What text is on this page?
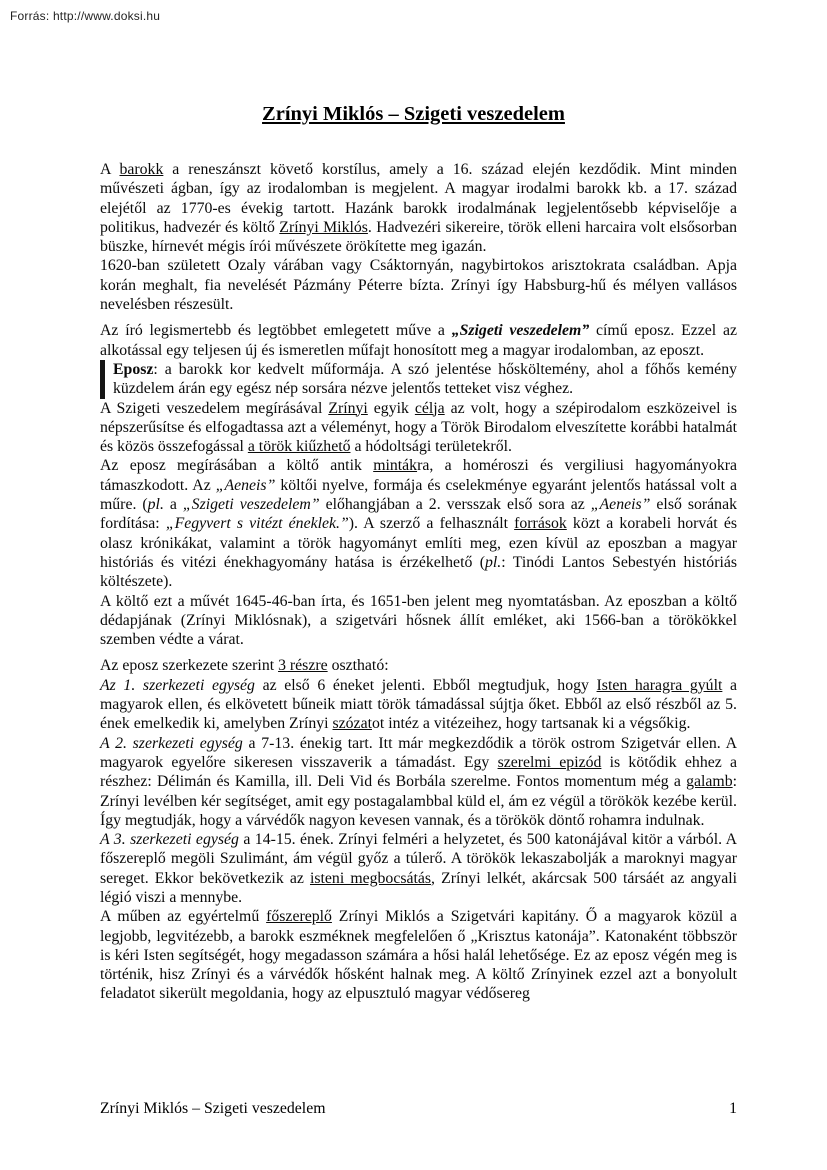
Forrás: http://www.doksi.hu
Zrínyi Miklós – Szigeti veszedelem

A barokk a reneszánszt követő korstílus, amely a 16. század elején kezdődik. Mint minden művészeti ágban, így az irodalomban is megjelent. A magyar irodalmi barokk kb. a 17. század elejétől az 1770-es évekig tartott. Hazánk barokk irodalmának legjelentősebb képviselője a politikus, hadvezér és költő Zrínyi Miklós. Hadvezéri sikereire, török elleni harcaira volt elsősorban büszke, hírnevét mégis írói művészete örökítette meg igazán.

1620-ban született Ozaly várában vagy Csáktornyán, nagybirtokos arisztokrata családban. Apja korán meghalt, fia nevelését Pázmány Péterre bízta. Zrínyi így Habsburg-hű és mélyen vallásos nevelésben részesült.

Az író legismertebb és legtöbbet emlegetett műve a „Szigeti veszedelem” című eposz. Ezzel az alkotással egy teljesen új és ismeretlen műfajt honosított meg a magyar irodalomban, az eposzt.

Eposz: a barokk kor kedvelt műformája. A szó jelentése hősköltemény, ahol a főhős kemény küzdelem árán egy egész nép sorsára nézve jelentős tetteket visz véghez.

A Szigeti veszedelem megírásával Zrínyi egyik célja az volt, hogy a szépirodalom eszközeivel is népszerűsítse és elfogadtassa azt a véleményt, hogy a Török Birodalom elveszítette korábbi hatalmát és közös összefogással a török kiűzhető a hódoltsági területekről.

Az eposz megírásában a költő antik mintákra, a homéroszi és vergiliusi hagyományokra támaszkodott. Az „Aeneis” költői nyelve, formája és cselekménye egyaránt jelentős hatással volt a műre. (pl. a „Szigeti veszedelem” előhangjában a 2. versszak első sora az „Aeneis” első sorának fordítása: „Fegyvert s vitézt éneklek.”). A szerző a felhasznált források közt a korabeli horvát és olasz krónikákat, valamint a török hagyományt említi meg, ezen kívül az eposzban a magyar históriás és vitézi énekhagyomány hatása is érzékelhető (pl.: Tinódi Lantos Sebestyén históriás költészete).

A költő ezt a művét 1645-46-ban írta, és 1651-ben jelent meg nyomtatásban. Az eposzban a költő dédapjának (Zrínyi Miklósnak), a szigetvári hősnek állít emléket, aki 1566-ban a törökökkel szemben védte a várat.

Az eposz szerkezete szerint 3 részre osztható:

Az 1. szerkezeti egység az első 6 éneket jelenti. Ebből megtudjuk, hogy Isten haragra gyúlt a magyarok ellen, és elkövetett bűneik miatt török támadással sújtja őket. Ebből az első részből az 5. ének emelkedik ki, amelyben Zrínyi szózatot intéz a vitézeihez, hogy tartsanak ki a végsőkig.

A 2. szerkezeti egység a 7-13. énekig tart. Itt már megkezdődik a török ostrom Szigetvár ellen. A magyarok egyelőre sikeresen visszaverik a támadást. Egy szerelmi epizód is kötődik ehhez a részhez: Délimán és Kamilla, ill. Deli Vid és Borbála szerelme. Fontos momentum még a galamb: Zrínyi levélben kér segítséget, amit egy postagalambbal küld el, ám ez végül a törökök kezébe kerül. Így megtudják, hogy a várvédők nagyon kevesen vannak, és a törökök döntő rohamra indulnak.

A 3. szerkezeti egység a 14-15. ének. Zrínyi felméri a helyzetet, és 500 katonájával kitör a várból. A főszereplő megöli Szulimánt, ám végül győz a túlerő. A törökök lekaszabolják a maroknyi magyar sereget. Ekkor bekövetkezik az isteni megbocsátás, Zrínyi lelkét, akárcsak 500 társáét az angyali légió viszi a mennybe.

A műben az egyértelmű főszereplő Zrínyi Miklós a Szigetvári kapitány. Ő a magyarok közül a legjobb, legvitézebb, a barokk eszméknek megfelelően ő „Krisztus katonája”. Katonaként többször is kéri Isten segítségét, hogy megadasson számára a hősi halál lehetősége. Ez az eposz végén meg is történik, hisz Zrínyi és a várvédők hősként halnak meg. A költő Zrínyinek ezzel azt a bonyolult feladatot sikerült megoldania, hogy az elpusztuló magyar védősereg

Zrínyi Miklós – Szigeti veszedelem	1
